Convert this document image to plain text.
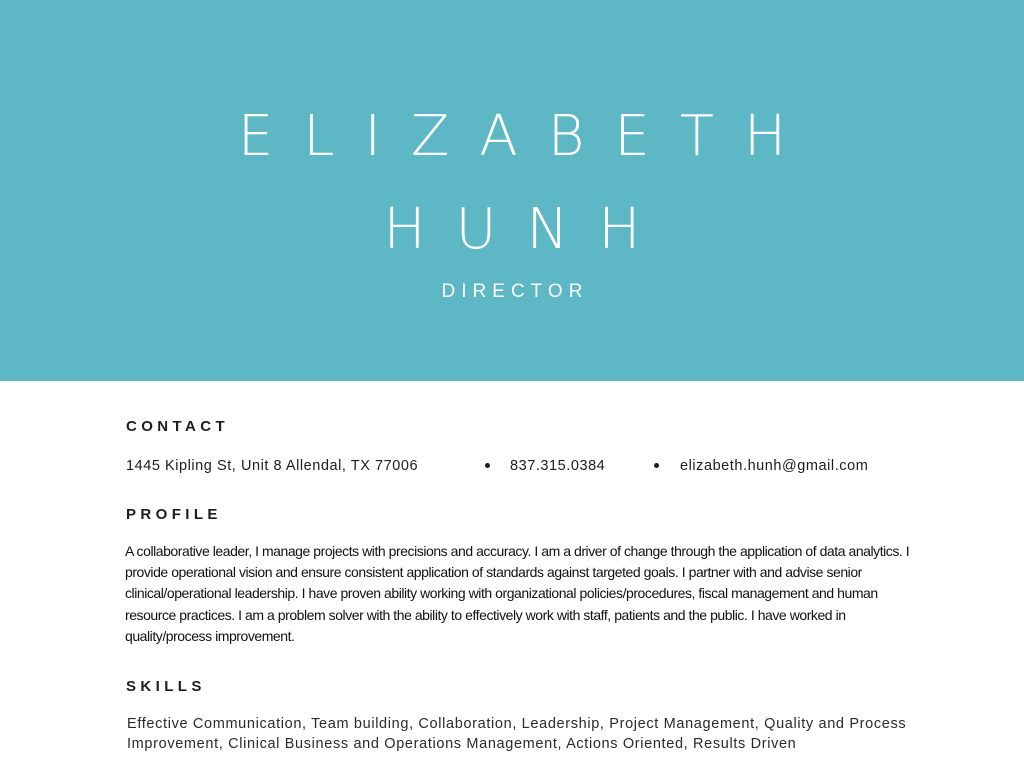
ELIZABETH
HUNH
DIRECTOR
CONTACT
1445 Kipling St, Unit 8 Allendal, TX 77006	837.315.0384	elizabeth.hunh@gmail.com
PROFILE
A collaborative leader, I manage projects with precisions and accuracy. I am a driver of change through the application of data analytics. I provide operational vision and ensure consistent application of standards against targeted goals. I partner with and advise senior clinical/operational leadership. I have proven ability working with organizational policies/procedures, fiscal management and human resource practices. I am a problem solver with the ability to effectively work with staff, patients and the public. I have worked in quality/process improvement.
SKILLS
Effective Communication, Team building, Collaboration, Leadership, Project Management, Quality and Process Improvement, Clinical Business and Operations Management, Actions Oriented, Results Driven
